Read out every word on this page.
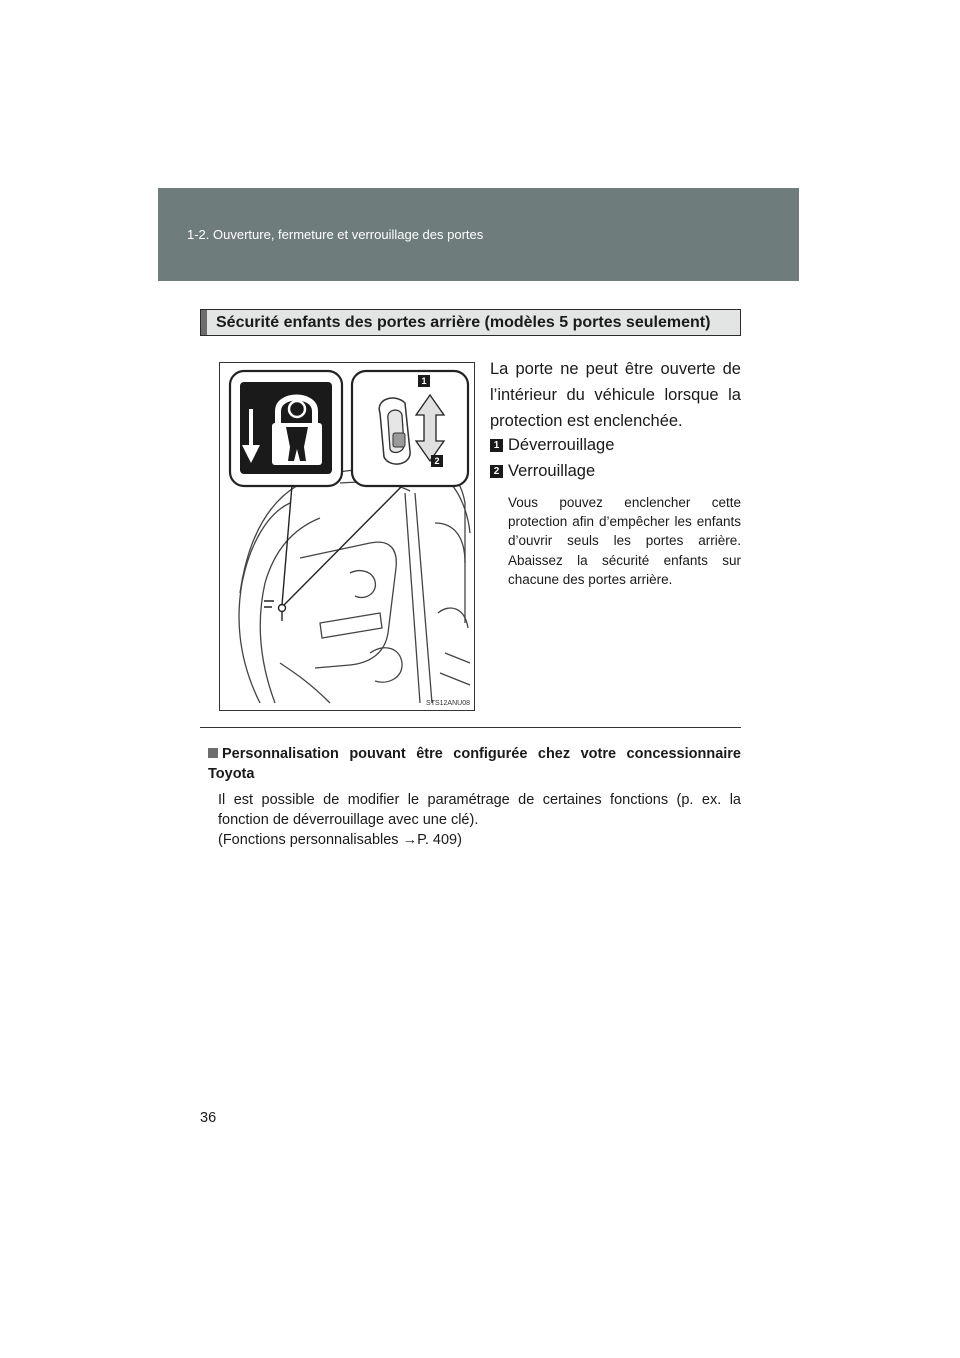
1-2. Ouverture, fermeture et verrouillage des portes
Sécurité enfants des portes arrière (modèles 5 portes seulement)
1
2
STS12ANU08
La porte ne peut être ouverte de l’intérieur du véhicule lorsque la protection est enclenchée.
1 Déverrouillage
2 Verrouillage
Vous pouvez enclencher cette protection afin d’empêcher les enfants d’ouvrir seuls les portes arrière. Abaissez la sécurité enfants sur chacune des portes arrière.
Personnalisation pouvant être configurée chez votre concessionnaire Toyota

Il est possible de modifier le paramétrage de certaines fonctions (p. ex. la fonction de déverrouillage avec une clé).

(Fonctions personnalisables →P. 409)

36
